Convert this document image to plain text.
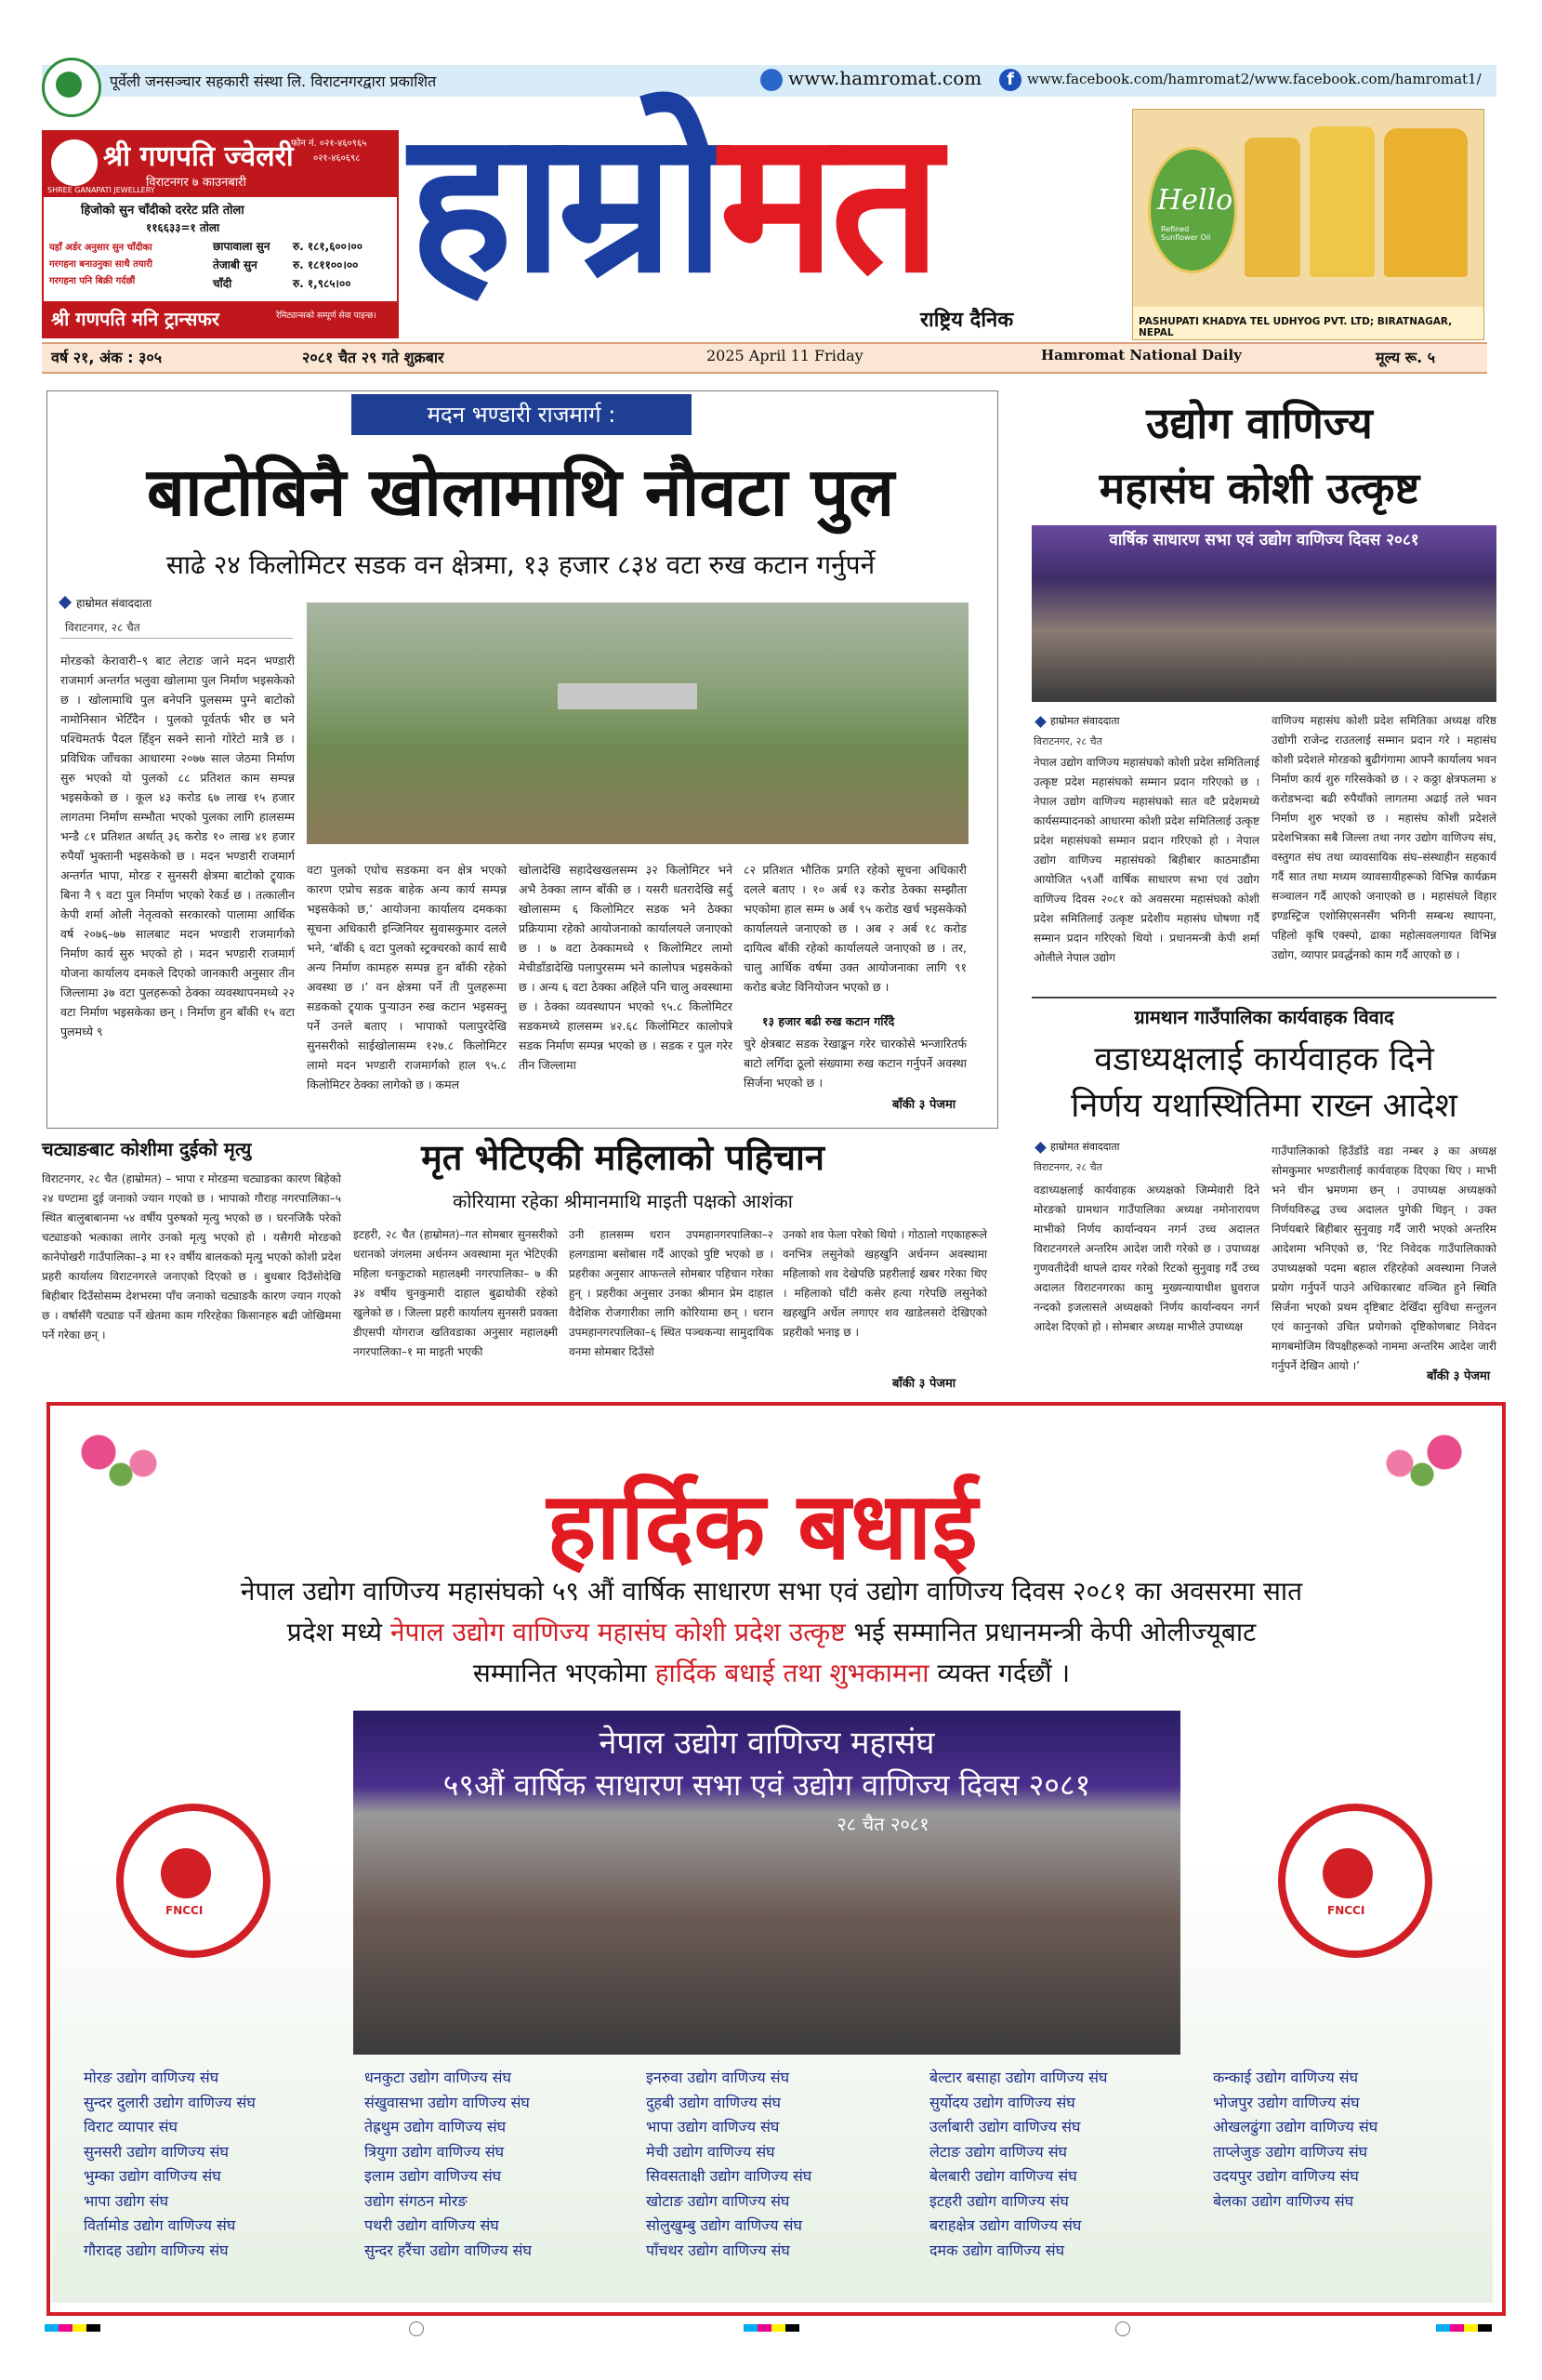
पूर्वेली जनसञ्चार सहकारी संस्था लि. विराटनगरद्वारा प्रकाशित	www.hamromat.com	f www.facebook.com/hamromat2/www.facebook.com/hamromat1/
श्री गणपति ज्वेलरी
SHREE GANAPATI JEWELLERY
विराटनगर ७ काउनबारी
फोन नं. ०२१-४६०९६५
०२१-४६०६९८
हिजोको सुन चाँदीको दररेट प्रति तोला
११६६३३=१ तोला
यहाँ अर्डर अनुसार सुन चाँदीका
गरगहना बनाउनुका साथै तयारी
गरगहना पनि बिक्री गर्दछौं
छापावाला सुन रु. १८१,६००।००
तेजाबी सुन	रु. १८११००।००
चाँदी	रु. १,९८५।००
श्री गणपति मनि ट्रान्सफर	रेमिट्यान्सको सम्पूर्ण सेवा पाइन्छ। हाम्रोमत
राष्ट्रिय दैनिक
Hello
Refined Sunflower Oil
PASHUPATI KHADYA TEL UDHYOG PVT. LTD; BIRATNAGAR, NEPAL
वर्ष २१, अंक : ३०५	२०८१ चैत २९ गते शुक्रबार	2025 April 11 Friday	Hamromat National Daily	मूल्य रू. ५
मदन भण्डारी राजमार्ग :
बाटोबिनै खोलामाथि नौवटा पुल
साढे २४ किलोमिटर सडक वन क्षेत्रमा, १३ हजार ८३४ वटा रुख कटान गर्नुपर्ने
हाम्रोमत संवाददाता
विराटनगर, २८ चैत
मोरङको केरावारी–९ बाट लेटाङ जाने मदन भण्डारी राजमार्ग अन्तर्गत भलुवा खोलामा पुल निर्माण भइसकेको छ । खोलामाथि पुल बनेपनि पुलसम्म पुग्ने बाटोको नामोनिसान भेटिँदैन । पुलको पूर्वतर्फ भीर छ भने पश्चिमतर्फ पैदल हिँड्न सक्ने सानो गोरेटो मात्रै छ । प्रविधिक जाँचका आधारमा २०७७ साल जेठमा निर्माण सुरु भएको यो पुलको ८८ प्रतिशत काम सम्पन्न भइसकेको छ । कूल ४३ करोड ६७ लाख १५ हजार लागतमा निर्माण सम्भौता भएको पुलका लागि हालसम्म भन्डै ८१ प्रतिशत अर्थात् ३६ करोड १० लाख ४१ हजार रुपैयाँ भुक्तानी भइसकेको छ । मदन भण्डारी राजमार्ग अन्तर्गत भापा, मोरङ र सुनसरी क्षेत्रमा बाटोको ट्र्याक बिना नै ९ वटा पुल निर्माण भएको रेकर्ड छ । तत्कालीन केपी शर्मा ओली नेतृत्वको सरकारको पालामा आर्थिक वर्ष २०७६–७७ सालबाट मदन भण्डारी राजमार्गको निर्माण कार्य सुरु भएको हो । मदन भण्डारी राजमार्ग योजना कार्यालय दमकले दिएको जानकारी अनुसार तीन जिल्लामा ३७ वटा पुलहरूको ठेक्का व्यवस्थापनमध्ये २२ वटा निर्माण भइसकेका छन् । निर्माण हुन बाँकी १५ वटा पुलमध्ये ९
वटा पुलको एघोच सडकमा वन क्षेत्र भएको कारण एप्रोच सडक बाहेक अन्य कार्य सम्पन्न भइसकेको छ,’ आयोजना कार्यालय दमकका सूचना अधिकारी इन्जिनियर सुवासकुमार दलले भने, ‘बाँकी ६ वटा पुलको स्ट्रक्चरको कार्य साथै अन्य निर्माण कामहरु सम्पन्न हुन बाँकी रहेको अवस्था छ ।’ वन क्षेत्रमा पर्ने ती पुलहरूमा सडकको ट्र्याक पुऱ्याउन रुख कटान भइसक्नु पर्ने उनले बताए । भापाको पलापुरदेखि सुनसरीको साईखोलासम्म १२७.८ किलोमिटर लामो मदन भण्डारी राजमार्गको हाल ९५.८ किलोमिटर ठेक्का लागेको छ । कमल
खोलादेखि सहादेखखलसम्म ३२ किलोमिटर भने अभै ठेक्का लाग्न बाँकी छ । यसरी धतरादेखि सर्दु खोलासम्म ६ किलोमिटर सडक भने ठेक्का प्रक्रियामा रहेको आयोजनाको कार्यालयले जनाएको छ । ७ वटा ठेक्कामध्ये १ किलोमिटर लामो मेचीडाँडादेखि पलापुरसम्म भने कालोपत्र भइसकेको छ । अन्य ६ वटा ठेक्का अहिले पनि चालु अवस्थामा छ । ठेक्का व्यवस्थापन भएको ९५.८ किलोमिटर सडकमध्ये हालसम्म ४२.६८ किलोमिटर कालोपत्रे सडक निर्माण सम्पन्न भएको छ । सडक र पुल गरेर तीन जिल्लामा
८२ प्रतिशत भौतिक प्रगति रहेको सूचना अधिकारी दलले बताए । १० अर्ब १३ करोड ठेक्का सम्झौता भएकोमा हाल सम्म ७ अर्ब ९५ करोड खर्च भइसकेको कार्यालयले जनाएको छ । अब २ अर्ब १८ करोड दायित्व बाँकी रहेको कार्यालयले जनाएको छ । तर, चालु आर्थिक वर्षमा उक्त आयोजनाका लागि ९१ करोड बजेट विनियोजन भएको छ ।
१३ हजार बढी रुख कटान गरिँदै
चुरे क्षेत्रबाट सडक रेखाङ्कन गरेर चारकोसे भन्जारितर्फ बाटो लगिँदा ठूलो संख्यामा रुख कटान गर्नुपर्ने अवस्था सिर्जना भएको छ ।
बाँकी ३ पेजमा
उद्योग वाणिज्य
महासंघ कोशी उत्कृष्ट
वार्षिक साधारण सभा एवं उद्योग वाणिज्य दिवस २०८१
हाम्रोमत संवाददाता
विराटनगर, २८ चैत
नेपाल उद्योग वाणिज्य महासंघको कोशी प्रदेश समितिलाई उत्कृष्ट प्रदेश महासंघको सम्मान प्रदान गरिएको छ । नेपाल उद्योग वाणिज्य महासंघको सात वटै प्रदेशमध्ये कार्यसम्पादनको आधारमा कोशी प्रदेश समितिलाई उत्कृष्ट प्रदेश महासंघको सम्मान प्रदान गरिएको हो । नेपाल उद्योग वाणिज्य महासंघको बिहीबार काठमाडौंमा आयोजित ५९औं वार्षिक साधारण सभा एवं उद्योग वाणिज्य दिवस २०८१ को अवसरमा महासंघको कोशी प्रदेश समितिलाई उत्कृष्ट प्रदेशीय महासंघ घोषणा गर्दै सम्मान प्रदान गरिएको थियो । प्रधानमन्त्री केपी शर्मा ओलीले नेपाल उद्योग
वाणिज्य महासंघ कोशी प्रदेश समितिका अध्यक्ष वरिष्ठ उद्योगी राजेन्द्र राउतलाई सम्मान प्रदान गरे । महासंघ कोशी प्रदेशले मोरङको बुढीगंगामा आफ्नै कार्यालय भवन निर्माण कार्य शुरु गरिसकेको छ । २ कठ्ठा क्षेत्रफलमा ४ करोडभन्दा बढी रुपैयाँको लागतमा अढाई तले भवन निर्माण शुरु भएको छ । महासंघ कोशी प्रदेशले प्रदेशभित्रका सबै जिल्ला तथा नगर उद्योग वाणिज्य संघ, वस्तुगत संघ तथा व्यावसायिक संघ–संस्थाहीन सहकार्य गर्दै सात तथा मध्यम व्यावसायीहरूको विभिन्न कार्यक्रम सञ्चालन गर्दै आएको जनाएको छ । महासंघले विहार इण्डस्ट्रिज एशोसिएसनसँग भगिनी सम्बन्ध स्थापना, पहिलो कृषि एक्स्पो, ढाका महोत्सवलगायत विभिन्न उद्योग, व्यापार प्रवर्द्धनको काम गर्दै आएको छ ।
ग्रामथान गाउँपालिका कार्यवाहक विवाद
वडाध्यक्षलाई कार्यवाहक दिने
निर्णय यथास्थितिमा राख्न आदेश
हाम्रोमत संवाददाता
विराटनगर, २८ चैत
वडाध्यक्षलाई कार्यवाहक अध्यक्षको जिम्मेवारी दिने मोरङको ग्रामथान गाउँपालिका अध्यक्ष नमोनारायण माभीको निर्णय कार्यान्वयन नगर्न उच्च अदालत विराटनगरले अन्तरिम आदेश जारी गरेको छ । उपाध्यक्ष गुणवतीदेवी थापले दायर गरेको रिटको सुनुवाइ गर्दै उच्च अदालत विराटनगरका कामु मुख्यन्यायाधीश घ्रुवराज नन्दको इजलासले अध्यक्षको निर्णय कार्यान्वयन नगर्न आदेश दिएको हो । सोमबार अध्यक्ष माभीले उपाध्यक्ष
गाउँपालिकाको हिउँडाँडे वडा नम्बर ३ का अध्यक्ष सोमकुमार भण्डारीलाई कार्यवाहक दिएका थिए । माभी भने चीन भ्रमणमा छन् । उपाध्यक्ष अध्यक्षको निर्णयविरुद्ध उच्च अदालत पुगेकी थिइन् । उक्त निर्णयबारे बिहीबार सुनुवाइ गर्दै जारी भएको अन्तरिम आदेशमा भनिएको छ, ‘रिट निवेदक गाउँपालिकाको उपाध्यक्षको पदमा बहाल रहिरहेको अवस्थामा निजले प्रयोग गर्नुपर्ने पाउने अधिकारबाट वञ्चित हुने स्थिति सिर्जना भएको प्रथम दृष्टिबाट देखिँदा सुविधा सन्तुलन एवं कानुनको उचित प्रयोगको दृष्टिकोणबाट निवेदन मागबमोजिम विपक्षीहरूको नाममा अन्तरिम आदेश जारी गर्नुपर्ने देखिन आयो ।’
बाँकी ३ पेजमा
चट्याङबाट कोशीमा दुईको मृत्यु
विराटनगर, २८ चैत (हाम्रोमत) – भापा र मोरङमा चट्याङका कारण बिहेको २४ घण्टामा दुई जनाको ज्यान गएको छ । भापाको गौराह नगरपालिका–५ स्थित बालुबाबानमा ५४ वर्षीय पुरुषको मृत्यु भएको छ । घरनजिकै परेको चट्याङको भत्काका लागेर उनको मृत्यु भएको हो । यसैगरी मोरङको कानेपोखरी गाउँपालिका–३ मा १२ वर्षीय बालकको मृत्यु भएको कोशी प्रदेश प्रहरी कार्यालय विराटनगरले जनाएको दिएको छ । बुधबार दिउँसोदेखि बिहीबार दिउँसोसम्म देशभरमा पाँच जनाको चट्याङकै कारण ज्यान गएको छ । वर्षासँगै चट्याङ पर्ने खेतमा काम गरिरहेका किसानहरु बढी जोखिममा पर्ने गरेका छन् ।
मृत भेटिएकी महिलाको पहिचान
कोरियामा रहेका श्रीमानमाथि माइती पक्षको आशंका
इटहरी, २८ चैत (हाम्रोमत)–गत सोमबार सुनसरीको धरानको जंगलमा अर्धनग्न अवस्थामा मृत भेटिएकी महिला धनकुटाको महालक्ष्मी नगरपालिका– ७ की ३४ वर्षीय चुनकुमारी दाहाल बुढाथोकी रहेको खुलेको छ । जिल्ला प्रहरी कार्यालय सुनसरी प्रवक्ता डीएसपी योगराज खतिवडाका अनुसार महालक्ष्मी नगरपालिका–१ मा माइती भएकी
उनी हालसम्म धरान उपमहानगरपालिका–२ हलगडामा बसोबास गर्दै आएको पुष्टि भएको छ । प्रहरीका अनुसार आफन्तले सोमबार पहिचान गरेका हुन् । प्रहरीका अनुसार उनका श्रीमान प्रेम दाहाल वैदेशिक रोजगारीका लागि कोरियामा छन् । धरान उपमहानगरपालिका–६ स्थित पञ्चकन्या सामुदायिक वनमा सोमबार दिउँसो
उनको शव फेला परेको थियो । गोठालो गएकाहरूले वनभित्र लसुनेको खहखुनि अर्धनग्न अवस्थामा महिलाको शव देखेपछि प्रहरीलाई खबर गरेका थिए । महिलाको घाँटी कसेर हत्या गरेपछि लसुनेको खहखुनि अर्धेल लगाएर शव खाडेलसरो देखिएको प्रहरीको भनाइ छ ।
बाँकी ३ पेजमा
हार्दिक बधाई
नेपाल उद्योग वाणिज्य महासंघको ५९ औं वार्षिक साधारण सभा एवं उद्योग वाणिज्य दिवस २०८१ का अवसरमा सात
प्रदेश मध्ये नेपाल उद्योग वाणिज्य महासंघ कोशी प्रदेश उत्कृष्ट भई सम्मानित प्रधानमन्त्री केपी ओलीज्यूबाट
सम्मानित भएकोमा हार्दिक बधाई तथा शुभकामना व्यक्त गर्दछौं ।
नेपाल उद्योग वाणिज्य महासंघ
५९औं वार्षिक साधारण सभा एवं उद्योग वाणिज्य दिवस २०८१
२८ चैत २०८१
FNCCI	FNCCI
मोरङ उद्योग वाणिज्य संघ
सुन्दर दुलारी उद्योग वाणिज्य संघ
विराट व्यापार संघ
सुनसरी उद्योग वाणिज्य संघ
भुम्का उद्योग वाणिज्य संघ
भापा उद्योग संघ
विर्तामोड उद्योग वाणिज्य संघ
गौरादह उद्योग वाणिज्य संघ
धनकुटा उद्योग वाणिज्य संघ
संखुवासभा उद्योग वाणिज्य संघ
तेह्रथुम उद्योग वाणिज्य संघ
त्रियुगा उद्योग वाणिज्य संघ
इलाम उद्योग वाणिज्य संघ
उद्योग संगठन मोरङ
पथरी उद्योग वाणिज्य संघ
सुन्दर हरैंचा उद्योग वाणिज्य संघ
इनरुवा उद्योग वाणिज्य संघ
दुहबी उद्योग वाणिज्य संघ
भापा उद्योग वाणिज्य संघ
मेची उद्योग वाणिज्य संघ
सिवसताक्षी उद्योग वाणिज्य संघ
खोटाङ उद्योग वाणिज्य संघ
सोलुखुम्बु उद्योग वाणिज्य संघ
पाँचथर उद्योग वाणिज्य संघ
बेल्टार बसाहा उद्योग वाणिज्य संघ
सुर्योदय उद्योग वाणिज्य संघ
उर्लाबारी उद्योग वाणिज्य संघ
लेटाङ उद्योग वाणिज्य संघ
बेलबारी उद्योग वाणिज्य संघ
इटहरी उद्योग वाणिज्य संघ
बराहक्षेत्र उद्योग वाणिज्य संघ
दमक उद्योग वाणिज्य संघ
कन्काई उद्योग वाणिज्य संघ
भोजपुर उद्योग वाणिज्य संघ
ओखलढुंगा उद्योग वाणिज्य संघ
ताप्लेजुङ उद्योग वाणिज्य संघ
उदयपुर उद्योग वाणिज्य संघ
बेलका उद्योग वाणिज्य संघ
